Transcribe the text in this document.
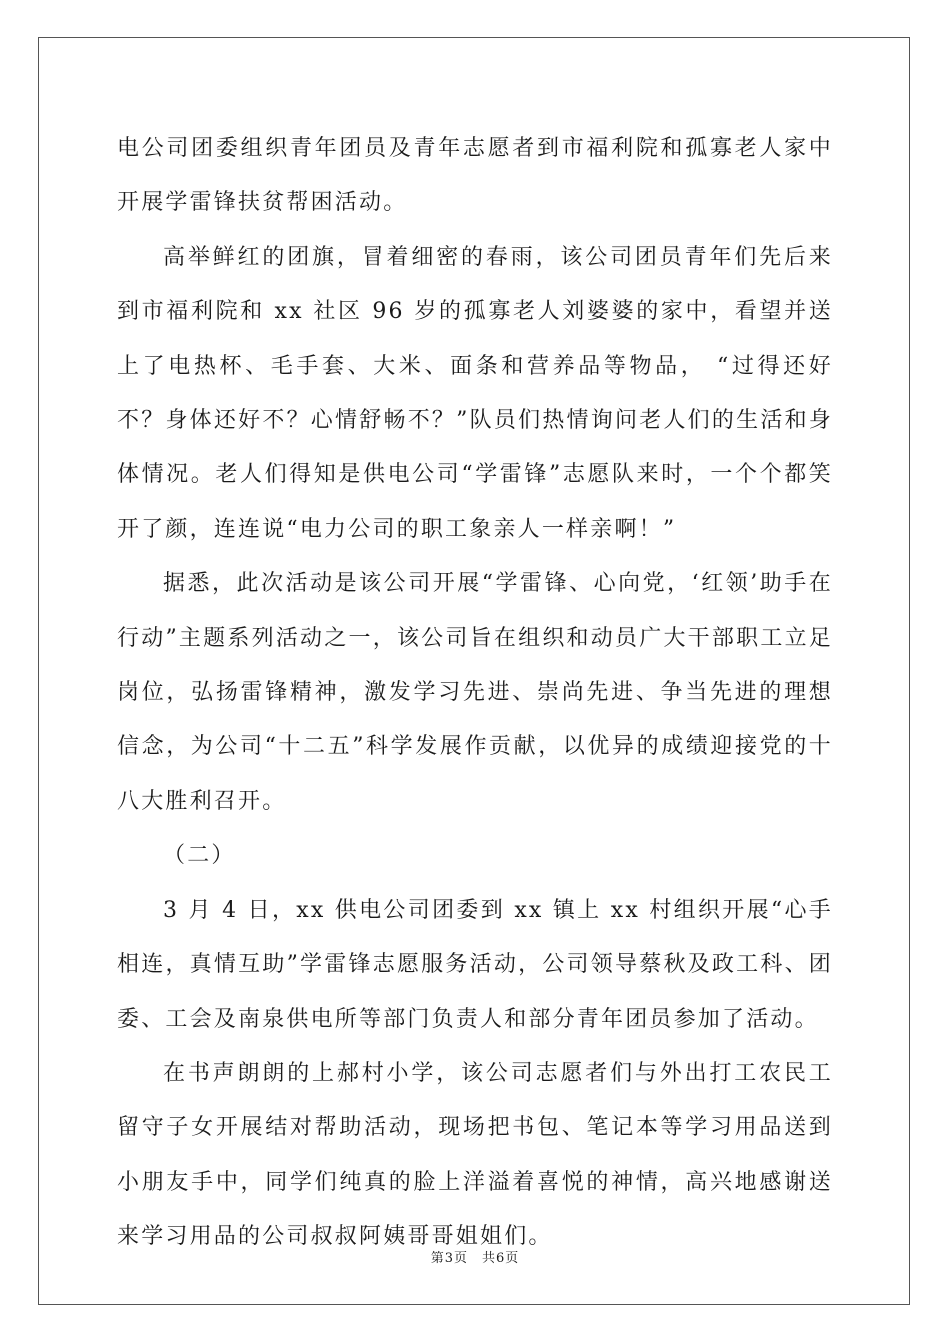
电公司团委组织青年团员及青年志愿者到市福利院和孤寡老人家中开展学雷锋扶贫帮困活动。

高举鲜红的团旗，冒着细密的春雨，该公司团员青年们先后来到市福利院和 xx 社区 96 岁的孤寡老人刘婆婆的家中，看望并送上了电热杯、毛手套、大米、面条和营养品等物品， “过得还好不？身体还好不？心情舒畅不？”队员们热情询问老人们的生活和身体情况。老人们得知是供电公司“学雷锋”志愿队来时，一个个都笑开了颜，连连说“电力公司的职工象亲人一样亲啊！”

据悉，此次活动是该公司开展“学雷锋、心向党，‘红领’助手在行动”主题系列活动之一，该公司旨在组织和动员广大干部职工立足岗位，弘扬雷锋精神，激发学习先进、崇尚先进、争当先进的理想信念，为公司“十二五”科学发展作贡献，以优异的成绩迎接党的十八大胜利召开。

（二）

3 月 4 日，xx 供电公司团委到 xx 镇上 xx 村组织开展“心手相连，真情互助”学雷锋志愿服务活动，公司领导蔡秋及政工科、团委、工会及南泉供电所等部门负责人和部分青年团员参加了活动。

在书声朗朗的上郝村小学，该公司志愿者们与外出打工农民工留守子女开展结对帮助活动，现场把书包、笔记本等学习用品送到小朋友手中，同学们纯真的脸上洋溢着喜悦的神情，高兴地感谢送来学习用品的公司叔叔阿姨哥哥姐姐们。

第3页　共6页
